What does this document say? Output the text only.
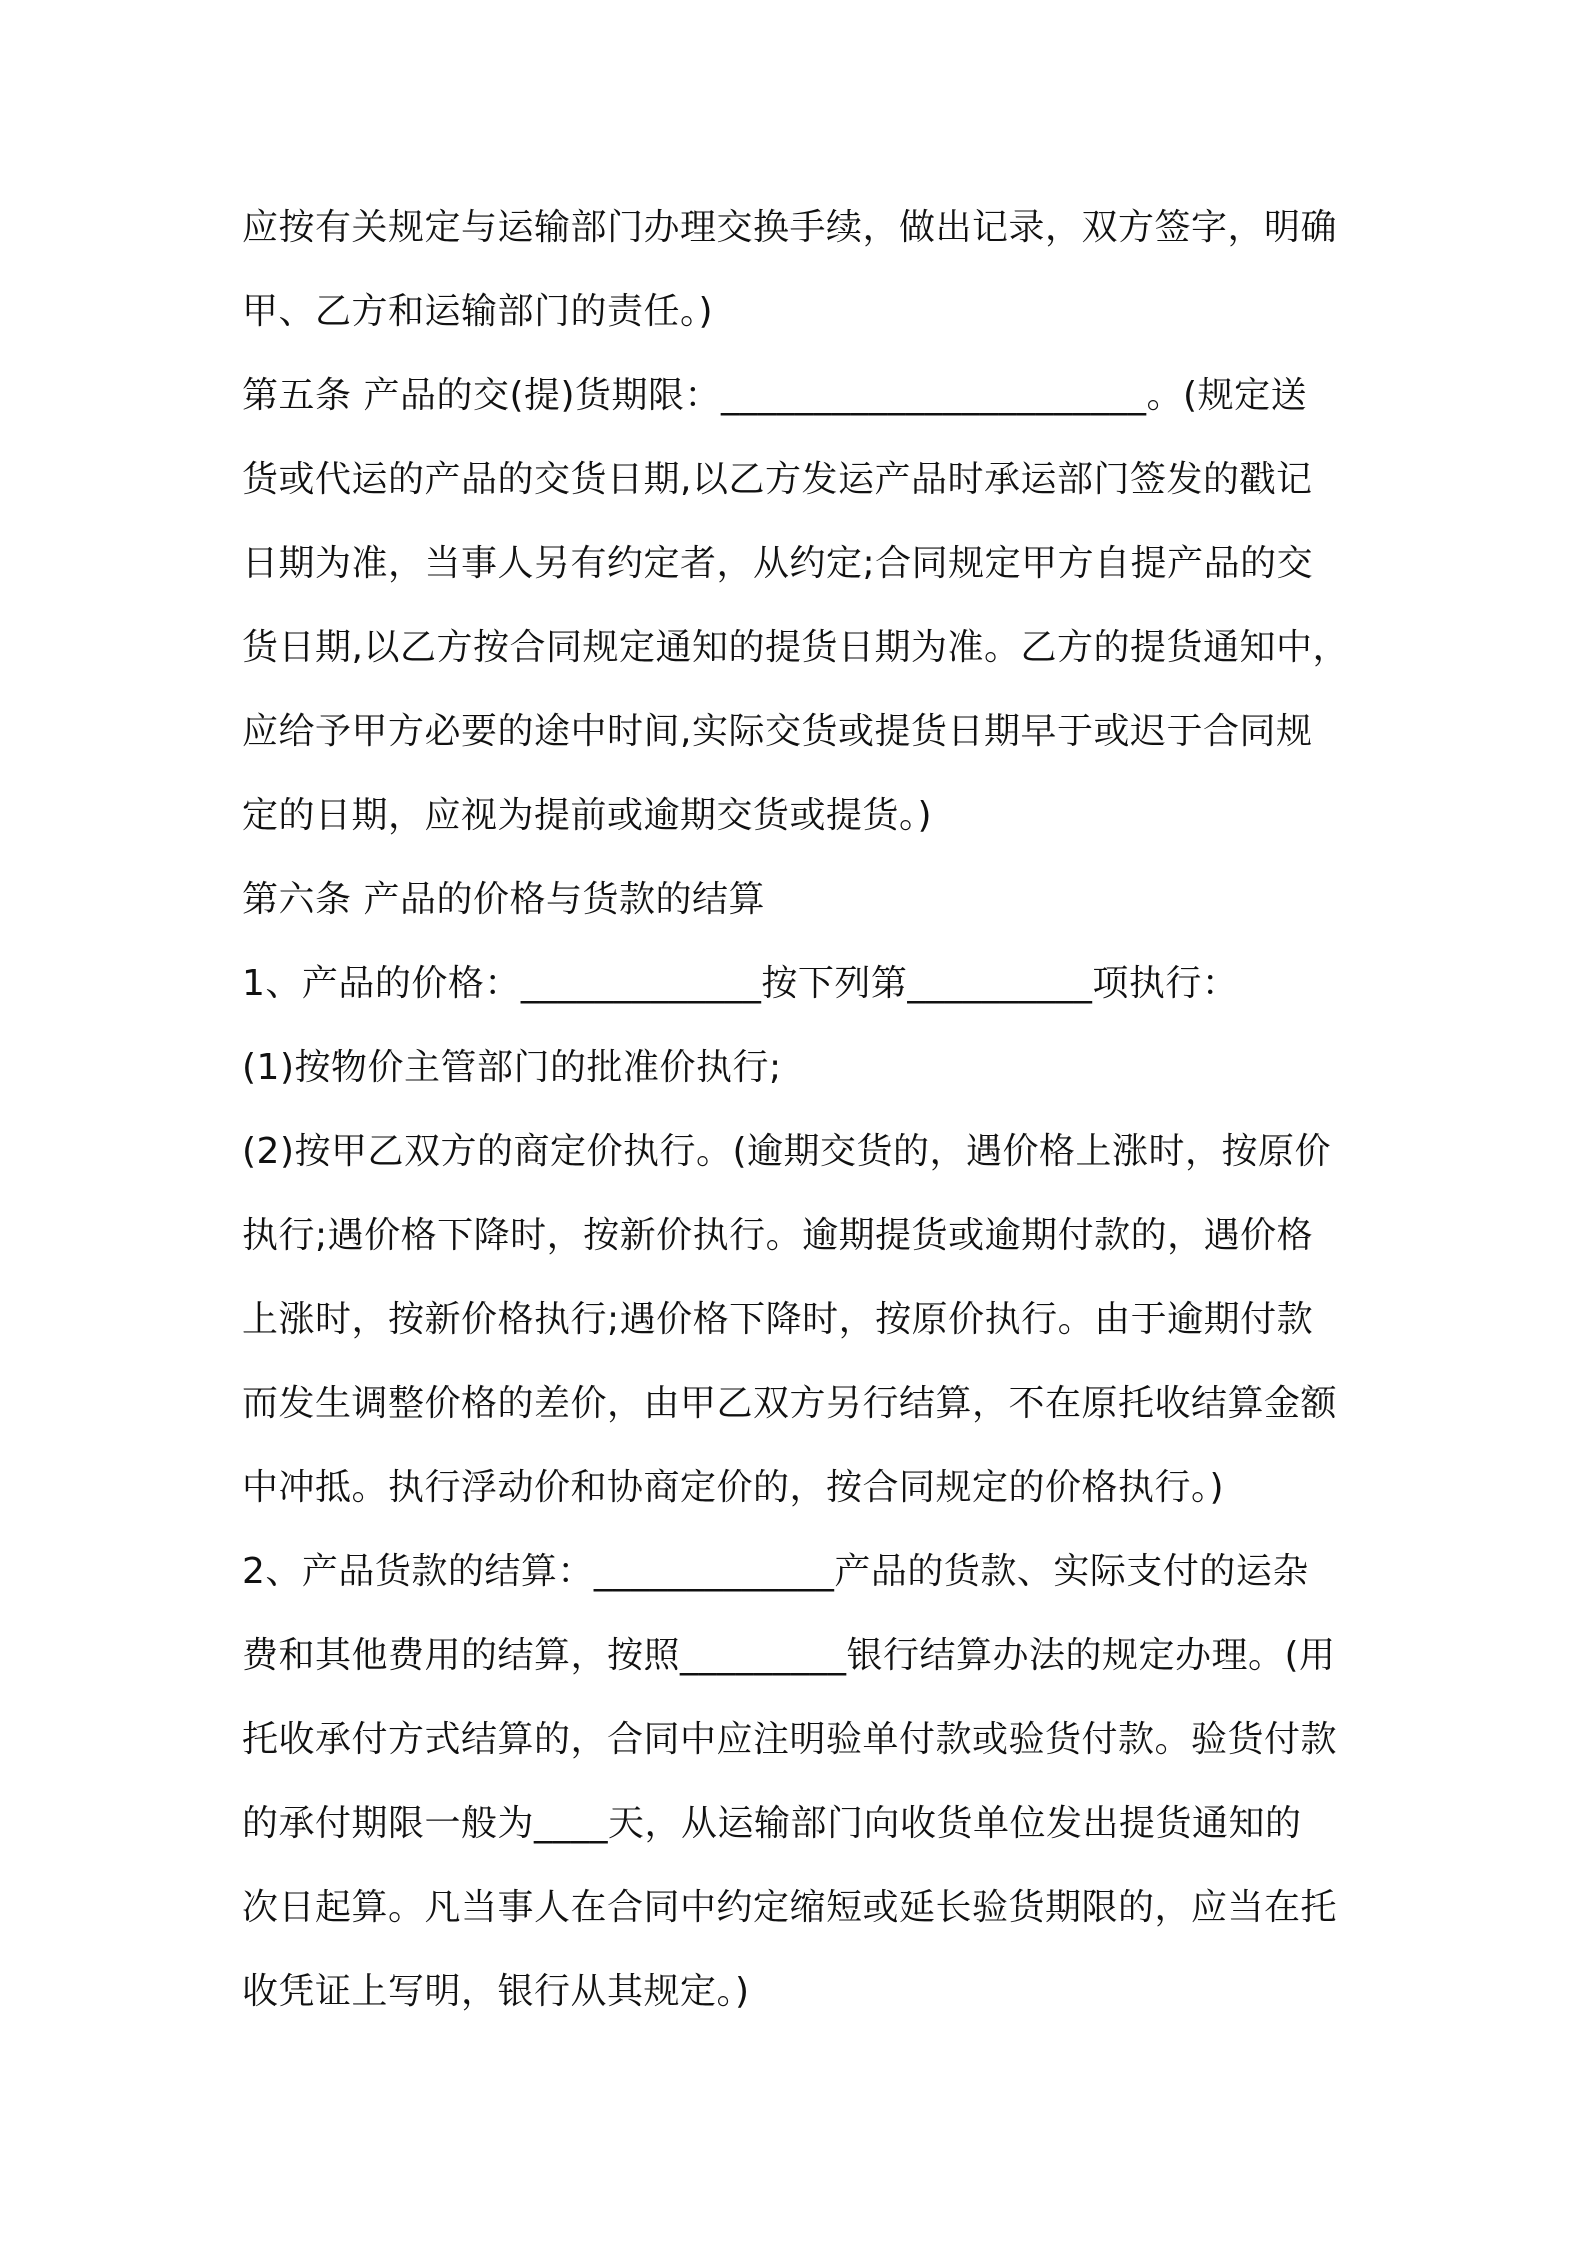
应按有关规定与运输部门办理交换手续，做出记录，双方签字，明确
甲、乙方和运输部门的责任。)
第五条 产品的交(提)货期限：_______________________。(规定送
货或代运的产品的交货日期,以乙方发运产品时承运部门签发的戳记
日期为准，当事人另有约定者，从约定;合同规定甲方自提产品的交
货日期,以乙方按合同规定通知的提货日期为准。乙方的提货通知中，
应给予甲方必要的途中时间,实际交货或提货日期早于或迟于合同规
定的日期，应视为提前或逾期交货或提货。)
第六条 产品的价格与货款的结算
1、产品的价格：_____________按下列第__________项执行：
(1)按物价主管部门的批准价执行;
(2)按甲乙双方的商定价执行。(逾期交货的，遇价格上涨时，按原价
执行;遇价格下降时，按新价执行。逾期提货或逾期付款的，遇价格
上涨时，按新价格执行;遇价格下降时，按原价执行。由于逾期付款
而发生调整价格的差价，由甲乙双方另行结算，不在原托收结算金额
中冲抵。执行浮动价和协商定价的，按合同规定的价格执行。)
2、产品货款的结算：_____________产品的货款、实际支付的运杂
费和其他费用的结算，按照_________银行结算办法的规定办理。(用
托收承付方式结算的，合同中应注明验单付款或验货付款。验货付款
的承付期限一般为____天，从运输部门向收货单位发出提货通知的
次日起算。凡当事人在合同中约定缩短或延长验货期限的，应当在托
收凭证上写明，银行从其规定。)
